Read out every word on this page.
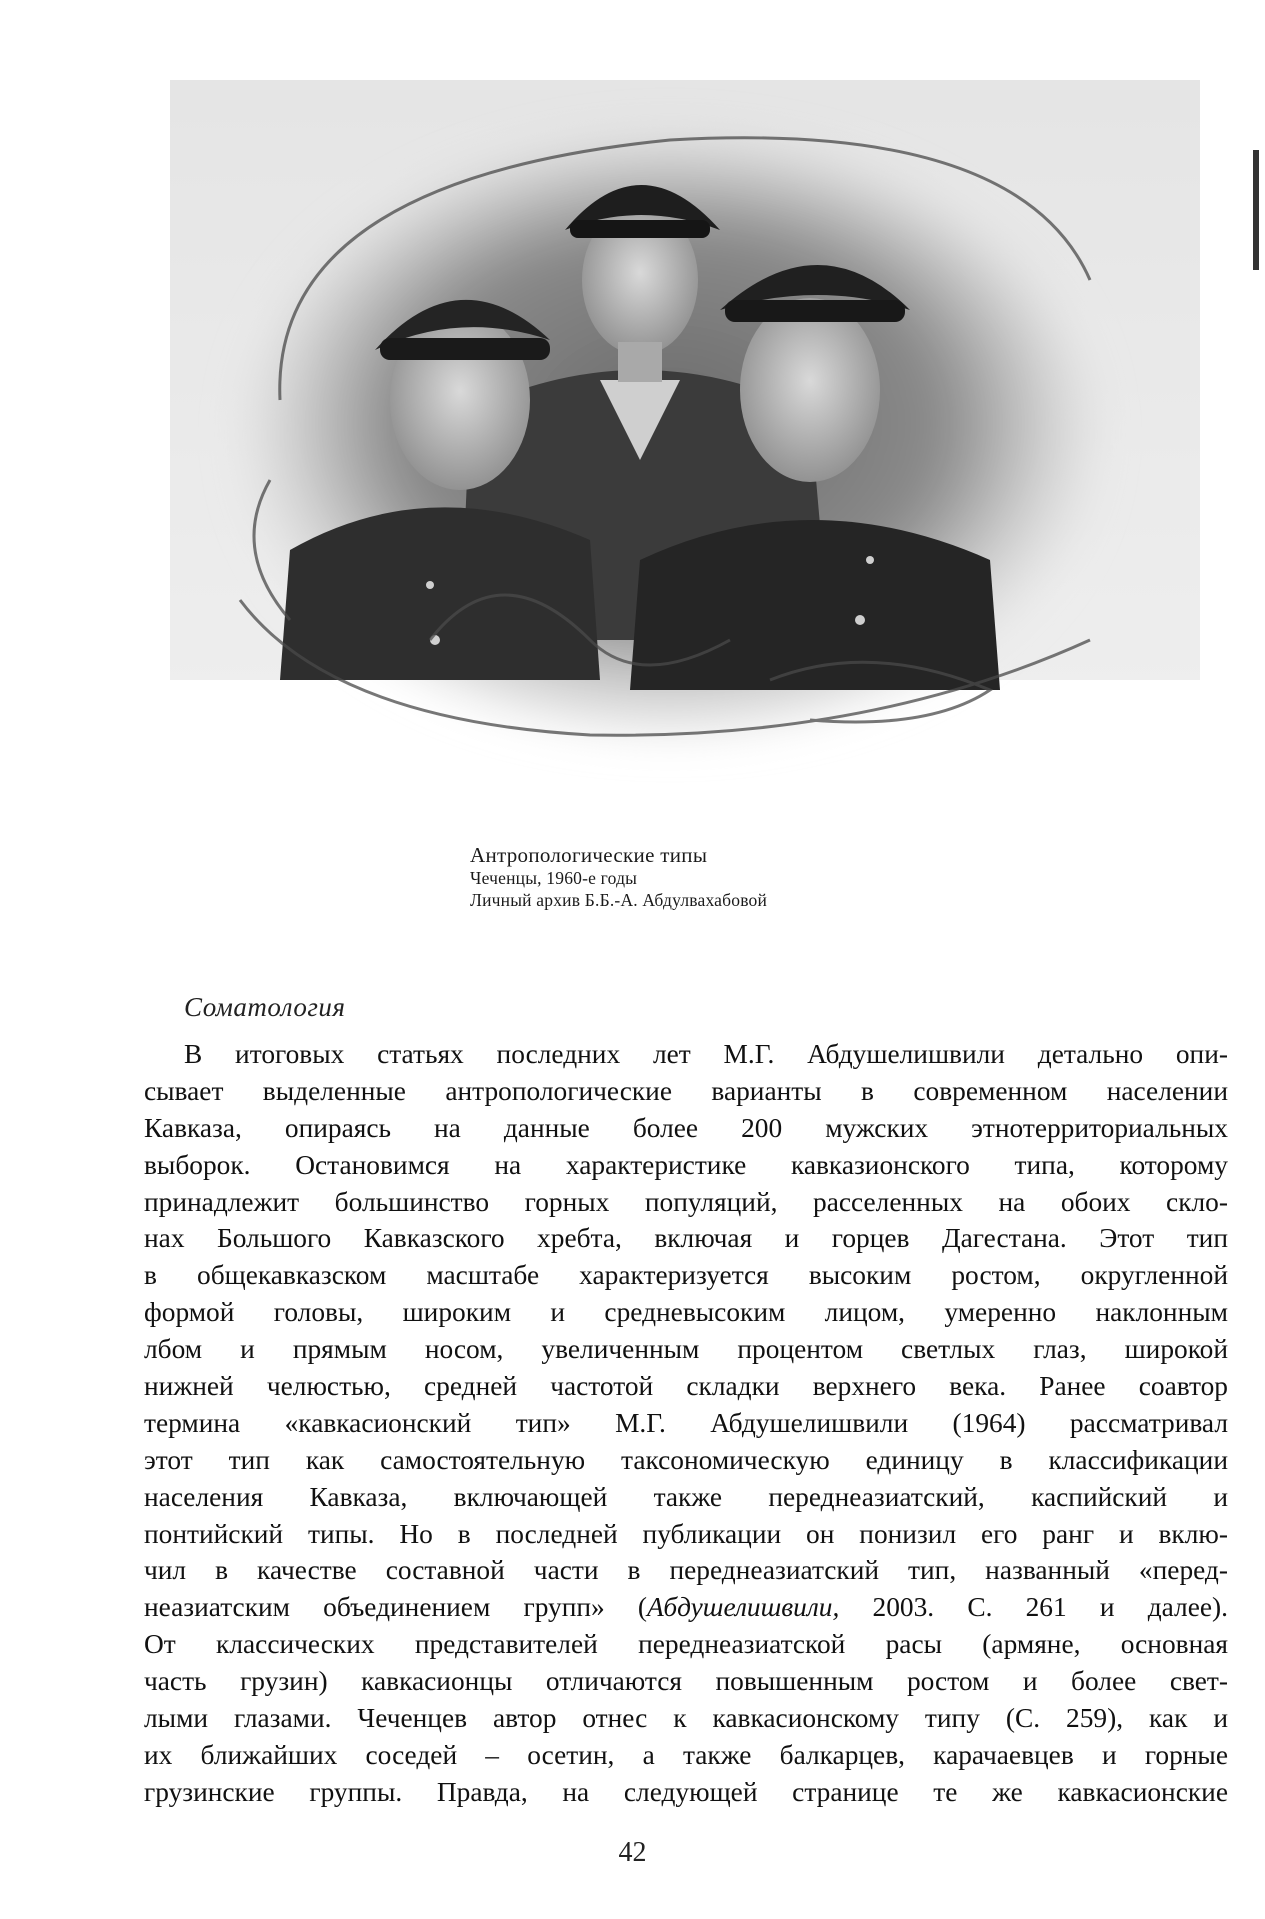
Антропологические типы
Чеченцы, 1960-е годы
Личный архив Б.Б.-А. Абдулвахабовой
Соматология
В итоговых статьях последних лет М.Г. Абдушелишвили детально опи-
сывает выделенные антропологические варианты в современном населении
Кавказа, опираясь на данные более 200 мужских этнотерриториальных
выборок. Остановимся на характеристике кавказионского типа, которому
принадлежит большинство горных популяций, расселенных на обоих скло-
нах Большого Кавказского хребта, включая и горцев Дагестана. Этот тип
в общекавказском масштабе характеризуется высоким ростом, округленной
формой головы, широким и средневысоким лицом, умеренно наклонным
лбом и прямым носом, увеличенным процентом светлых глаз, широкой
нижней челюстью, средней частотой складки верхнего века. Ранее соавтор
термина «кавкасионский тип» М.Г. Абдушелишвили (1964) рассматривал
этот тип как самостоятельную таксономическую единицу в классификации
населения Кавказа, включающей также переднеазиатский, каспийский и
понтийский типы. Но в последней публикации он понизил его ранг и вклю-
чил в качестве составной части в переднеазиатский тип, названный «перед-
неазиатским объединением групп» (Абдушелишвили, 2003. С. 261 и далее).
От классических представителей переднеазиатской расы (армяне, основная
часть грузин) кавкасионцы отличаются повышенным ростом и более свет-
лыми глазами. Чеченцев автор отнес к кавкасионскому типу (С. 259), как и
их ближайших соседей – осетин, а также балкарцев, карачаевцев и горные
грузинские группы. Правда, на следующей странице те же кавкасионские
42
